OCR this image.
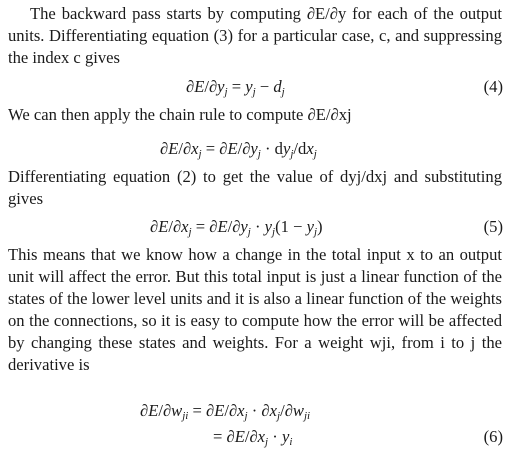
The backward pass starts by computing ∂E/∂y for each of the output units. Differentiating equation (3) for a particular case, c, and suppressing the index c gives

$\partial E/\partial y_j = y_j - d_j$	(4)

We can then apply the chain rule to compute ∂E/∂xj

$\partial E/\partial x_j = \partial E/\partial y_j \cdot dy_j/dx_j$

Differentiating equation (2) to get the value of dyj/dxj and substituting gives

$\partial E/\partial x_j = \partial E/\partial y_j \cdot y_j(1 - y_j)$	(5)

This means that we know how a change in the total input x to an output unit will affect the error. But this total input is just a linear function of the states of the lower level units and it is also a linear function of the weights on the connections, so it is easy to compute how the error will be affected by changing these states and weights. For a weight wji, from i to j the derivative is

$\partial E/\partial w_{ji} = \partial E/\partial x_j \cdot \partial x_j/\partial w_{ji}$
= $\partial E/\partial x_j \cdot y_i$	(6)
